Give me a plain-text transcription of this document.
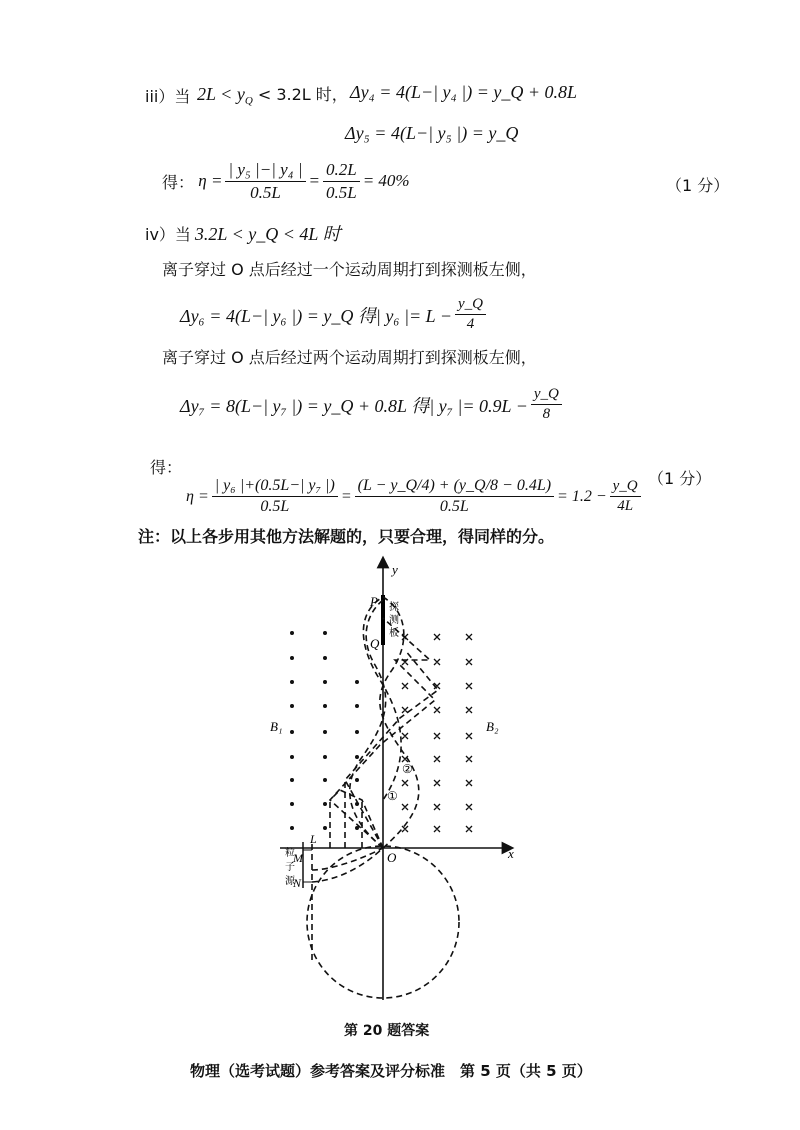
iii）当 $2L < y_Q < 3.2L$ 时， Δy₄ = 4(L−| y₄ |) = y_Q + 0.8L
Δy₅ = 4(L−| y₅ |) = y_Q
得： $\eta = \frac{\text{| y₅ |−| y₄ |}}{0.5L} = \frac{0.2L}{0.5L} = 40\%$	（1 分）
iv）当 3.2L < y_Q < 4L 时
离子穿过 O 点后经过一个运动周期打到探测板左侧，
Δy₆ = 4(L−| y₆ |) = y_Q 得| y₆ |= $L - \frac{y\_Q}{4}$
离子穿过 O 点后经过两个运动周期打到探测板左侧，
Δy₇ = 8(L−| y₇ |) = y_Q + 0.8L 得| y₇ |= $0.9L - \frac{y\_Q}{8}$
得：
$\eta = \frac{\text{| y₆ |+(0.5L−| y₇ |)}}{0.5L} = \frac{(L - y\_Q/4) + (y\_Q/8 - 0.4L)}{0.5L} = 1.2 - \frac{y\_Q}{4L} (1$ 分）
注：以上各步用其他方法解题的，只要合理，得同样的分。
y
x
O
P
Q
B₁	B₂
M
N
L
①
②
探
测
板
粒
子
源
第 20 题答案
物理（选考试题）参考答案及评分标准　第 5 页（共 5 页）
